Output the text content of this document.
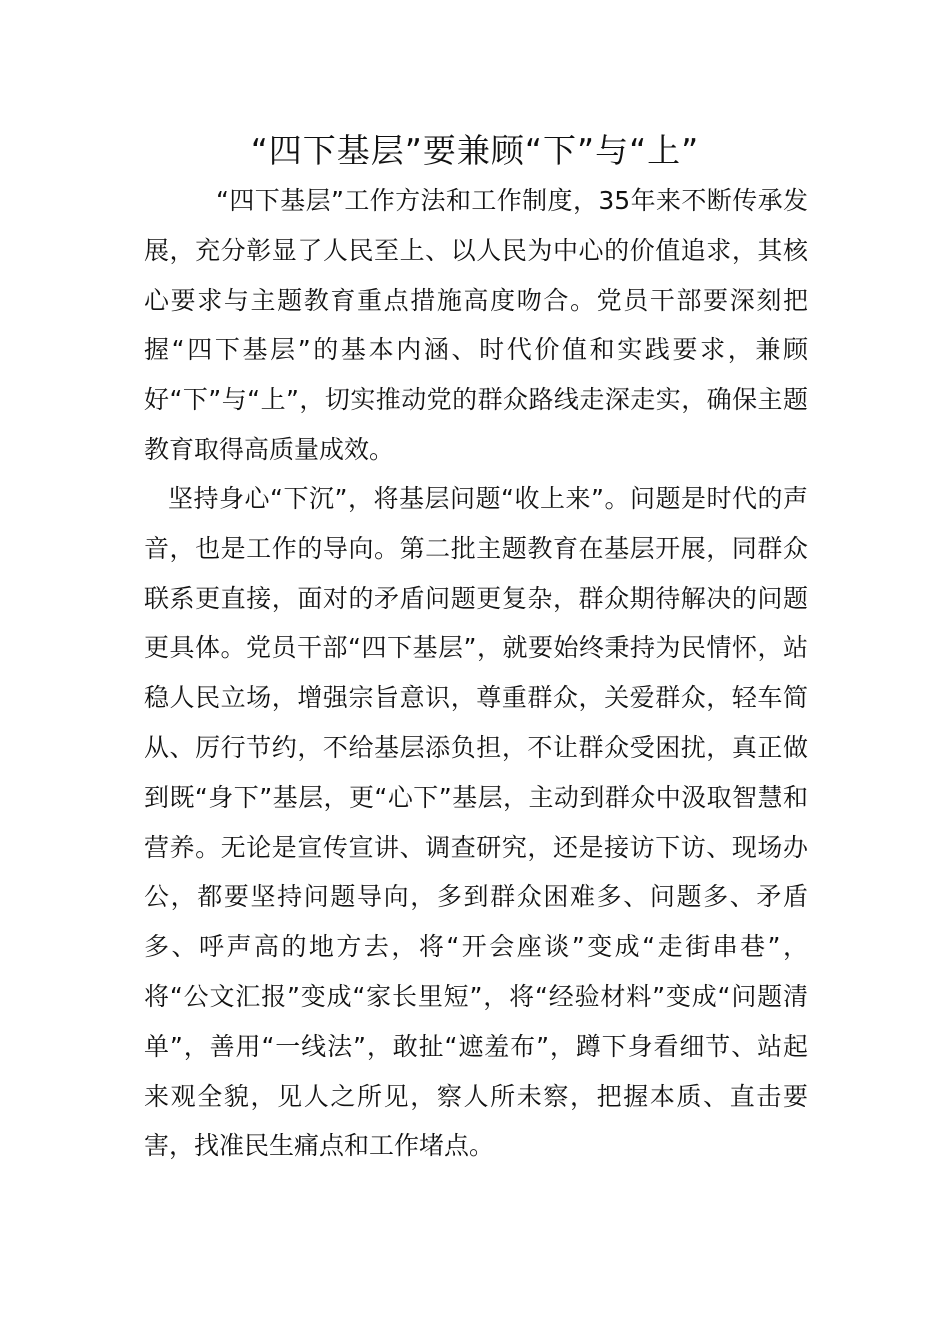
“四下基层”要兼顾“下”与“上”

“四下基层”工作方法和工作制度，35年来不断传承发展，充分彰显了人民至上、以人民为中心的价值追求，其核心要求与主题教育重点措施高度吻合。党员干部要深刻把握“四下基层”的基本内涵、时代价值和实践要求，兼顾好“下”与“上”，切实推动党的群众路线走深走实，确保主题教育取得高质量成效。

坚持身心“下沉”，将基层问题“收上来”。问题是时代的声音，也是工作的导向。第二批主题教育在基层开展，同群众联系更直接，面对的矛盾问题更复杂，群众期待解决的问题更具体。党员干部“四下基层”，就要始终秉持为民情怀，站稳人民立场，增强宗旨意识，尊重群众，关爱群众，轻车简从、厉行节约，不给基层添负担，不让群众受困扰，真正做到既“身下”基层，更“心下”基层，主动到群众中汲取智慧和营养。无论是宣传宣讲、调查研究，还是接访下访、现场办公，都要坚持问题导向，多到群众困难多、问题多、矛盾多、呼声高的地方去，将“开会座谈”变成“走街串巷”，将“公文汇报”变成“家长里短”，将“经验材料”变成“问题清单”，善用“一线法”，敢扯“遮羞布”，蹲下身看细节、站起来观全貌，见人之所见，察人所未察，把握本质、直击要害，找准民生痛点和工作堵点。
